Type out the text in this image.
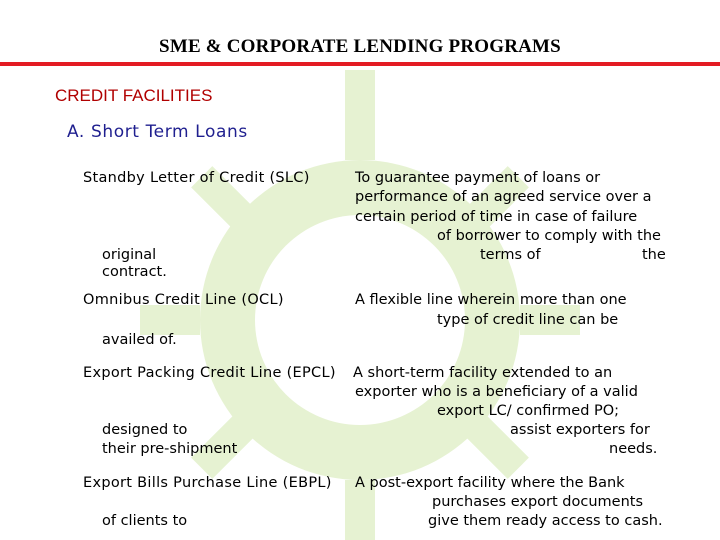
SME & CORPORATE LENDING PROGRAMS
CREDIT FACILITIES
A. Short Term Loans
Standby Letter of Credit (SLC)	To guarantee payment of loans or
performance of an agreed service over a
certain period of time in case of failure
of borrower to comply with the
original	terms of	the
contract.
Omnibus Credit Line (OCL)	A flexible line wherein more than one
type of credit line can be
availed of.
Export Packing Credit Line (EPCL) A short-term facility extended to an
exporter who is a beneficiary of a valid
export LC/ confirmed PO;
designed to	assist exporters for
their pre-shipment	needs.
Export Bills Purchase Line (EBPL) A post-export facility where the Bank
purchases export documents
of clients to	give them ready access to cash.
